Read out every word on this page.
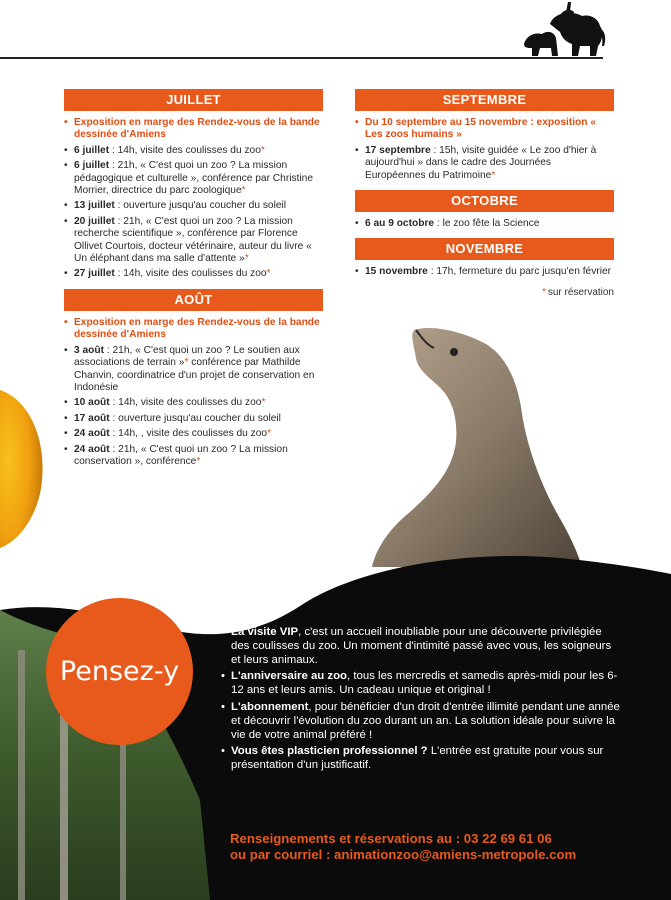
JUILLET
• Exposition en marge des Rendez-vous de la bande dessinée d'Amiens
• 6 juillet : 14h, visite des coulisses du zoo*
• 6 juillet : 21h, « C'est quoi un zoo ? La mission pédagogique et culturelle », conférence par Christine Morrier, directrice du parc zoologique*
• 13 juillet : ouverture jusqu'au coucher du soleil
• 20 juillet : 21h, « C'est quoi un zoo ? La mission recherche scientifique », conférence par Florence Ollivet Courtois, docteur vétérinaire, auteur du livre « Un éléphant dans ma salle d'attente »*
• 27 juillet : 14h, visite des coulisses du zoo*
AOÛT
• Exposition en marge des Rendez-vous de la bande dessinée d'Amiens
• 3 août : 21h, « C'est quoi un zoo ? Le soutien aux associations de terrain »* conférence par Mathilde Chanvin, coordinatrice d'un projet de conservation en Indonésie
• 10 août : 14h, visite des coulisses du zoo*
• 17 août : ouverture jusqu'au coucher du soleil
• 24 août : 14h, , visite des coulisses du zoo*
• 24 août : 21h, « C'est quoi un zoo ? La mission conservation », conférence*
SEPTEMBRE
• Du 10 septembre au 15 novembre : exposition « Les zoos humains »
• 17 septembre : 15h, visite guidée « Le zoo d'hier à aujourd'hui » dans le cadre des Journées Européennes du Patrimoine*
OCTOBRE
• 6 au 9 octobre : le zoo fête la Science
NOVEMBRE
• 15 novembre : 17h, fermeture du parc jusqu'en février
* sur réservation
Pensez-y
• La visite VIP, c'est un accueil inoubliable pour une découverte privilégiée des coulisses du zoo. Un moment d'intimité passé avec vous, les soigneurs et leurs animaux.
• L'anniversaire au zoo, tous les mercredis et samedis après-midi pour les 6-12 ans et leurs amis. Un cadeau unique et original !
• L'abonnement, pour bénéficier d'un droit d'entrée illimité pendant une année et découvrir l'évolution du zoo durant un an. La solution idéale pour suivre la vie de votre animal préféré !
• Vous êtes plasticien professionnel ? L'entrée est gratuite pour vous sur présentation d'un justificatif.
Renseignements et réservations au : 03 22 69 61 06
ou par courriel : animationzoo@amiens-metropole.com
